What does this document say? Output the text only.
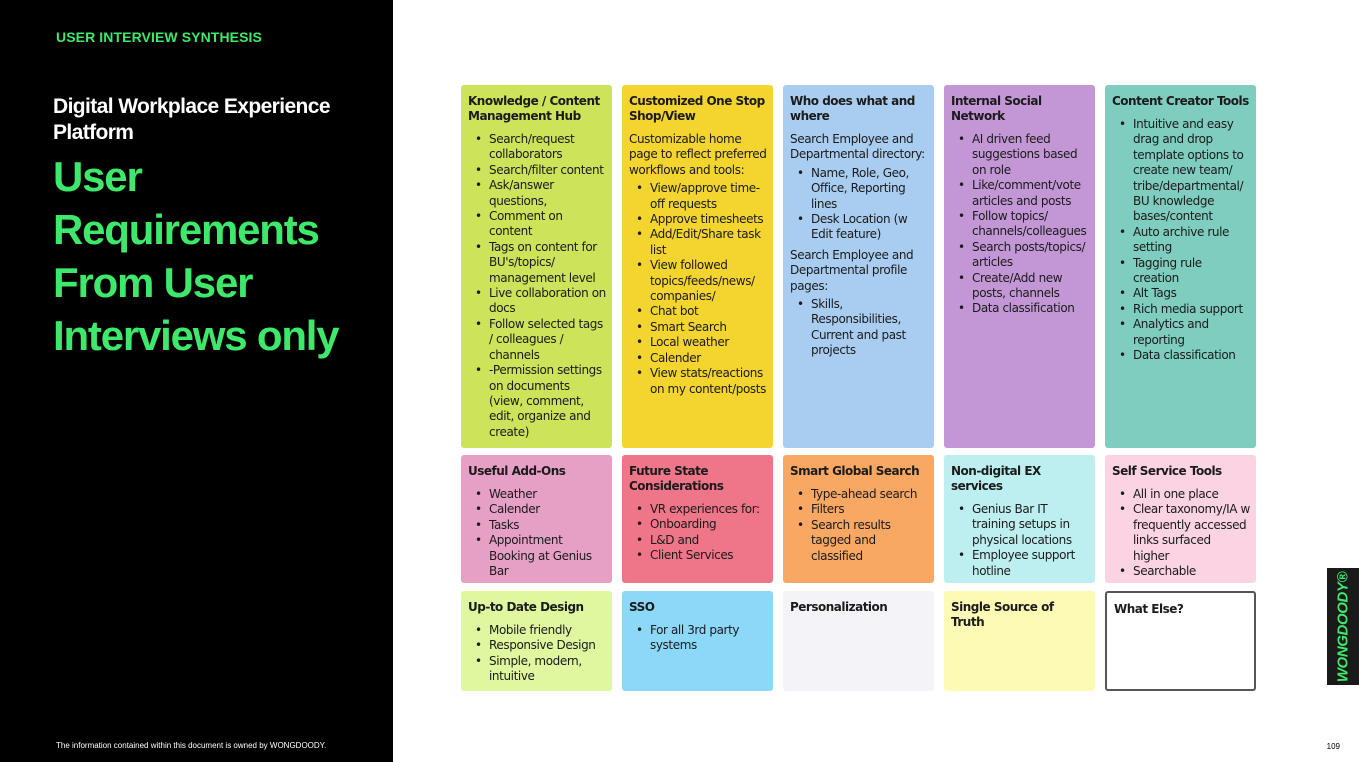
USER INTERVIEW SYNTHESIS
Digital Workplace Experience Platform
User Requirements From User Interviews only
The information contained within this document is owned by WONGDOODY.
Knowledge / Content Management Hub
• Search/request collaborators
• Search/filter content
• Ask/answer questions,
• Comment on content
• Tags on content for BU's/topics/ management level
• Live collaboration on docs
• Follow selected tags / colleagues / channels
• -Permission settings on documents (view, comment, edit, organize and create)
Customized One Stop Shop/View

Customizable home page to reflect preferred workflows and tools:

• View/approve time-off requests
• Approve timesheets
• Add/Edit/Share task list
• View followed topics/feeds/news/ companies/
• Chat bot
• Smart Search
• Local weather
• Calender
• View stats/reactions on my content/posts
Who does what and where

Search Employee and Departmental directory:

• Name, Role, Geo, Office, Reporting lines
• Desk Location (w Edit feature)

Search Employee and Departmental profile pages:

• Skills, Responsibilities, Current and past projects
Internal Social Network
• AI driven feed suggestions based on role
• Like/comment/vote articles and posts
• Follow topics/ channels/colleagues
• Search posts/topics/ articles
• Create/Add new posts, channels
• Data classification
Content Creator Tools
• Intuitive and easy drag and drop template options to create new team/ tribe/departmental/ BU knowledge bases/content
• Auto archive rule setting
• Tagging rule creation
• Alt Tags
• Rich media support
• Analytics and reporting
• Data classification
Useful Add-Ons
• Weather
• Calender
• Tasks
• Appointment Booking at Genius Bar
Future State Considerations
• VR experiences for:
• Onboarding
• L&D and
• Client Services
Smart Global Search
• Type-ahead search
• Filters
• Search results tagged and classified
Non-digital EX services
• Genius Bar IT training setups in physical locations
• Employee support hotline
Self Service Tools
• All in one place
• Clear taxonomy/IA w frequently accessed links surfaced higher
• Searchable
Up-to Date Design
• Mobile friendly
• Responsive Design
• Simple, modern, intuitive
SSO
• For all 3rd party systems
Personalization	Single Source of Truth
What Else?
109
WONGDOODY®
